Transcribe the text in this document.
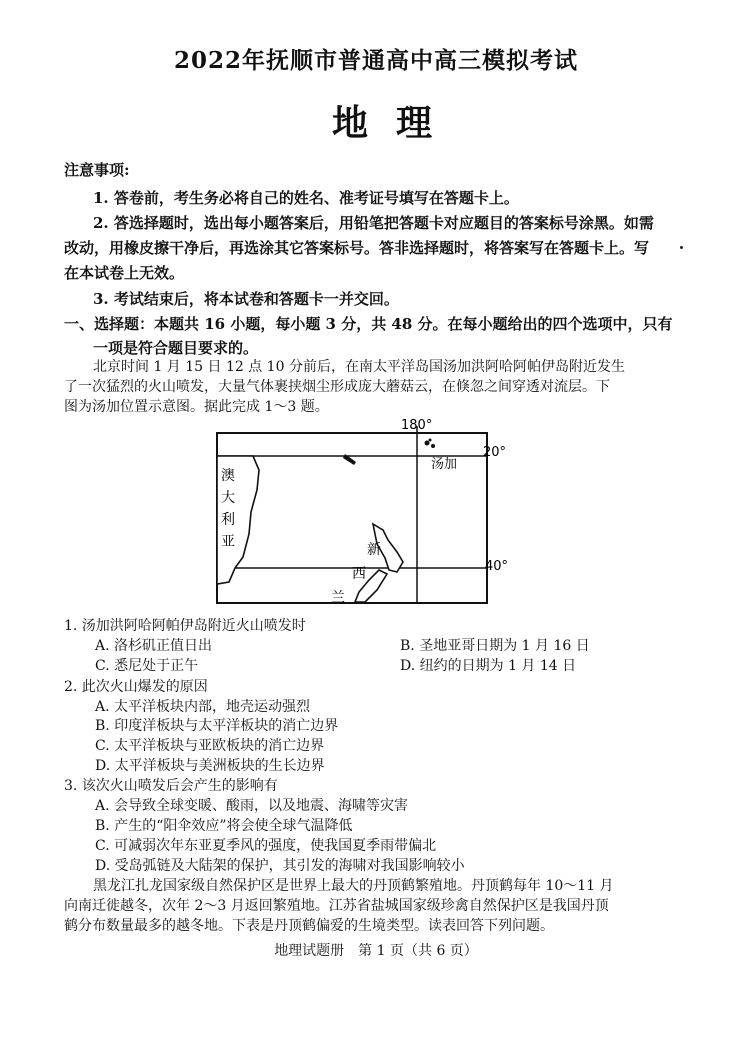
2022年抚顺市普通高中高三模拟考试
地理
注意事项:
1. 答卷前，考生务必将自己的姓名、准考证号填写在答题卡上。
2. 答选择题时，选出每小题答案后，用铅笔把答题卡对应题目的答案标号涂黑。如需
改动，用橡皮擦干净后，再选涂其它答案标号。答非选择题时，将答案写在答题卡上。写
在本试卷上无效。
3. 考试结束后，将本试卷和答题卡一并交回。
一、选择题：本题共 16 小题，每小题 3 分，共 48 分。在每小题给出的四个选项中，只有
一项是符合题目要求的。
北京时间 1 月 15 日 12 点 10 分前后，在南太平洋岛国汤加洪阿哈阿帕伊岛附近发生
了一次猛烈的火山喷发，大量气体裹挟烟尘形成庞大蘑菇云，在倏忽之间穿透对流层。下
图为汤加位置示意图。据此完成 1～3 题。
180°
20°
40°
汤加
澳
大
利
亚	新
西
兰
1. 汤加洪阿哈阿帕伊岛附近火山喷发时
A. 洛杉矶正值日出	B. 圣地亚哥日期为 1 月 16 日
C. 悉尼处于正午	D. 纽约的日期为 1 月 14 日
2. 此次火山爆发的原因
A. 太平洋板块内部，地壳运动强烈
B. 印度洋板块与太平洋板块的消亡边界
C. 太平洋板块与亚欧板块的消亡边界
D. 太平洋板块与美洲板块的生长边界
3. 该次火山喷发后会产生的影响有
A. 会导致全球变暖、酸雨，以及地震、海啸等灾害
B. 产生的“阳伞效应”将会使全球气温降低
C. 可减弱次年东亚夏季风的强度，使我国夏季雨带偏北
D. 受岛弧链及大陆架的保护，其引发的海啸对我国影响较小
黑龙江扎龙国家级自然保护区是世界上最大的丹顶鹤繁殖地。丹顶鹤每年 10～11 月
向南迁徙越冬，次年 2～3 月返回繁殖地。江苏省盐城国家级珍禽自然保护区是我国丹顶
鹤分布数量最多的越冬地。下表是丹顶鹤偏爱的生境类型。读表回答下列问题。
地理试题册　第 1 页（共 6 页）
